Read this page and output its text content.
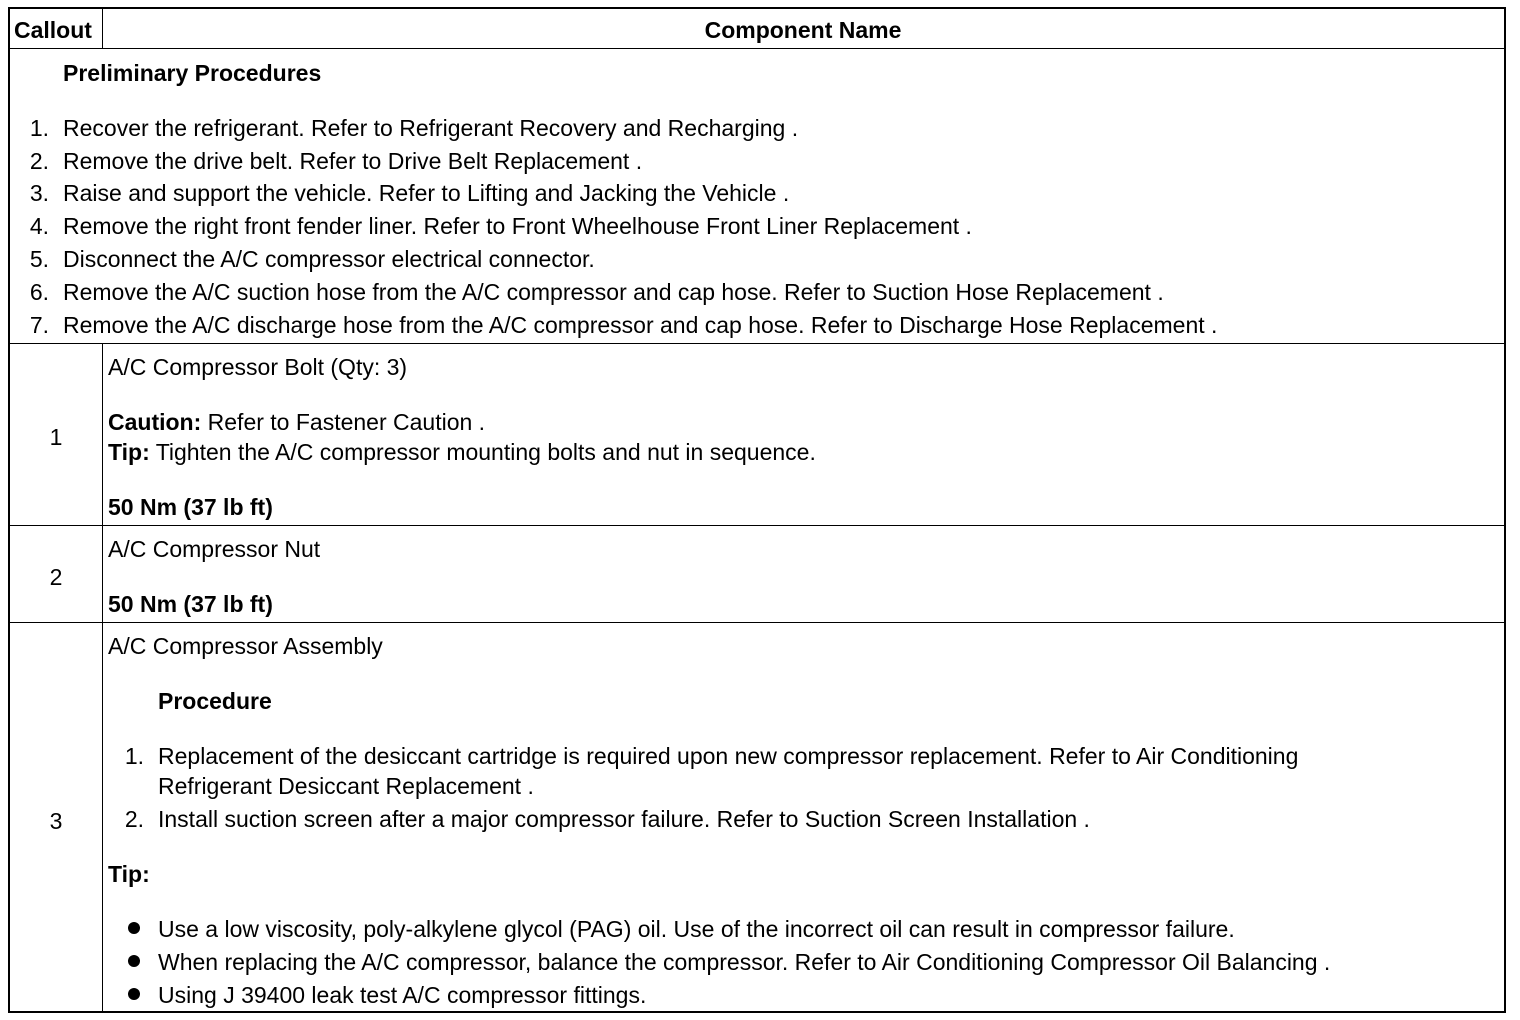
Callout	Component Name
Preliminary Procedures
1. Recover the refrigerant. Refer to Refrigerant Recovery and Recharging .
2. Remove the drive belt. Refer to Drive Belt Replacement .
3. Raise and support the vehicle. Refer to Lifting and Jacking the Vehicle .
4. Remove the right front fender liner. Refer to Front Wheelhouse Front Liner Replacement .
5. Disconnect the A/C compressor electrical connector.
6. Remove the A/C suction hose from the A/C compressor and cap hose. Refer to Suction Hose Replacement .
7. Remove the A/C discharge hose from the A/C compressor and cap hose. Refer to Discharge Hose Replacement .
1
A/C Compressor Bolt (Qty: 3)
Caution: Refer to Fastener Caution .
Tip: Tighten the A/C compressor mounting bolts and nut in sequence.
50 Nm (37 lb ft)
2
A/C Compressor Nut
50 Nm (37 lb ft)
3
A/C Compressor Assembly
Procedure
1. Replacement of the desiccant cartridge is required upon new compressor replacement. Refer to Air Conditioning
Refrigerant Desiccant Replacement .
2. Install suction screen after a major compressor failure. Refer to Suction Screen Installation .
Tip:
Use a low viscosity, poly-alkylene glycol (PAG) oil. Use of the incorrect oil can result in compressor failure.
When replacing the A/C compressor, balance the compressor. Refer to Air Conditioning Compressor Oil Balancing .
Using J 39400 leak test A/C compressor fittings.
